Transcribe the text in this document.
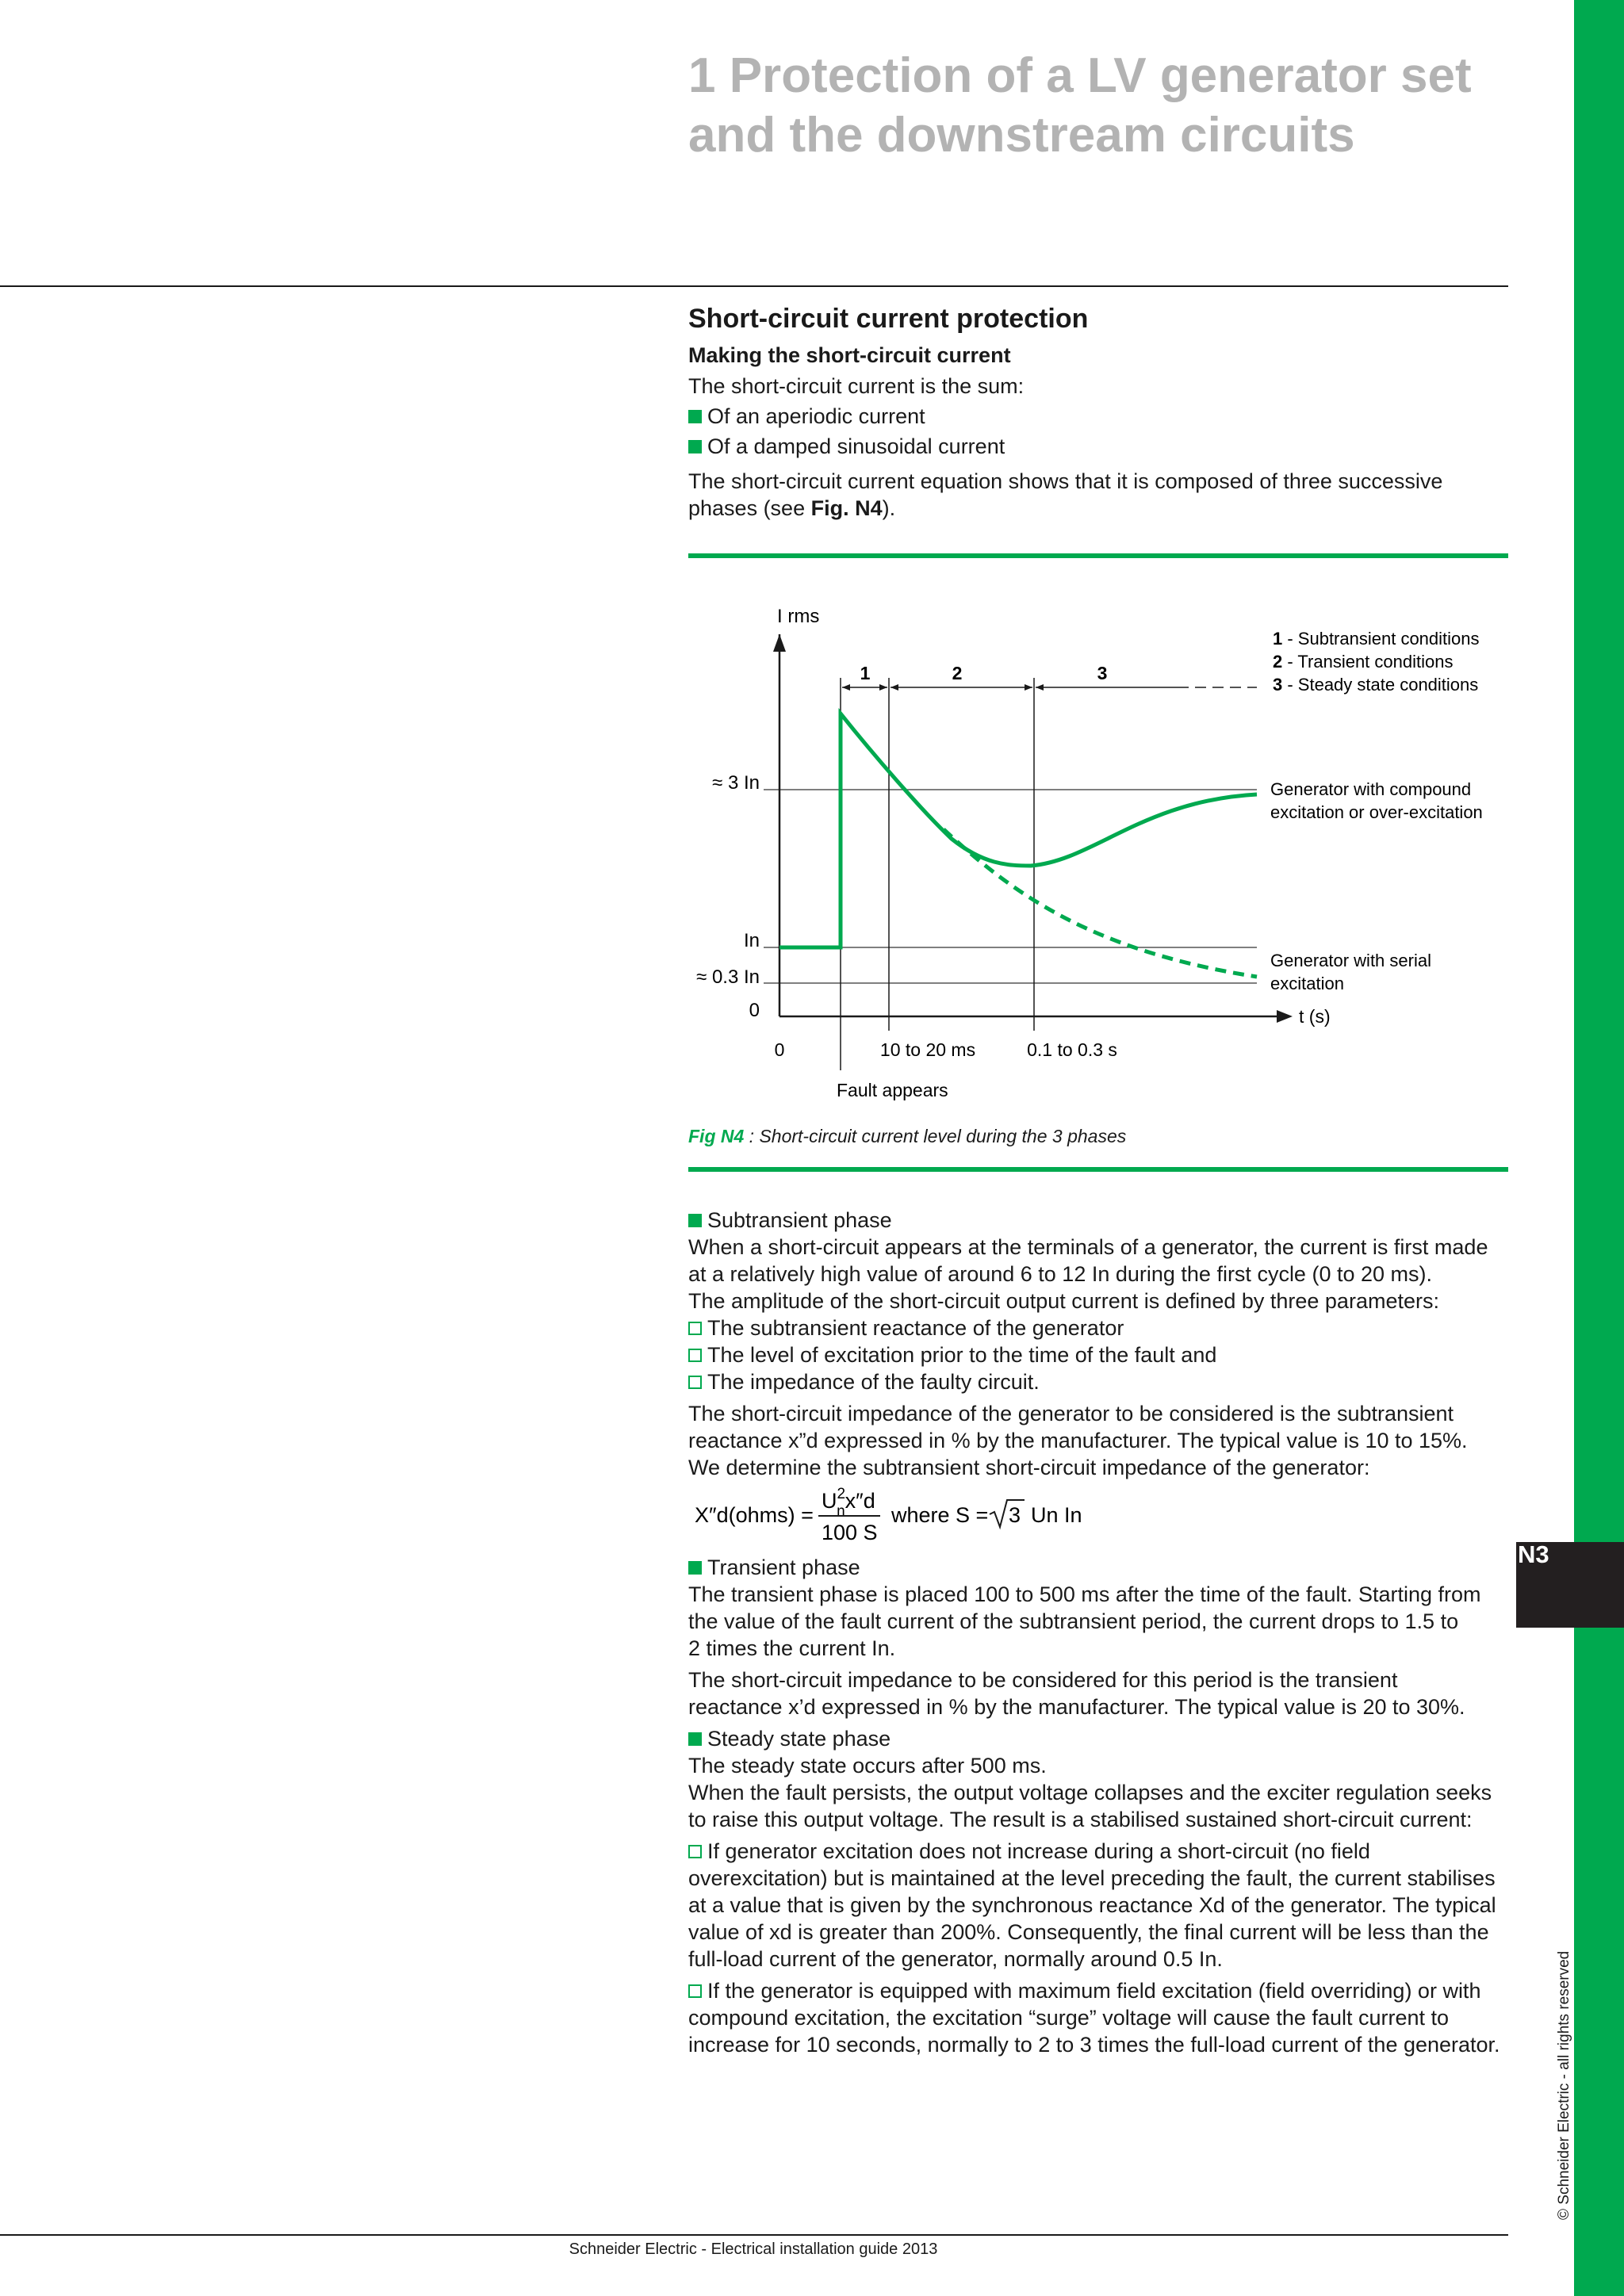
N3
© Schneider Electric - all rights reserved
1 Protection of a LV generator set
and the downstream circuits
Short-circuit current protection
Making the short-circuit current
The short-circuit current is the sum:
Of an aperiodic current
Of a damped sinusoidal current
The short-circuit current equation shows that it is composed of three successive
phases (see Fig. N4).
I rms
≈ 3 In
In
≈ 0.3 In
0
0	10 to 20 ms	0.1 to 0.3 s
t (s)
Fault appears
1	2	3
1 - Subtransient conditions
2 - Transient conditions
3 - Steady state conditions
Generator with compound
excitation or over-excitation
Generator with serial
excitation
Fig N4 : Short-circuit current level during the 3 phases
Subtransient phase
When a short-circuit appears at the terminals of a generator, the current is first made
at a relatively high value of around 6 to 12 In during the first cycle (0 to 20 ms).
The amplitude of the short-circuit output current is defined by three parameters:
The subtransient reactance of the generator
The level of excitation prior to the time of the fault and
The impedance of the faulty circuit.
The short-circuit impedance of the generator to be considered is the subtransient
reactance x”d expressed in % by the manufacturer. The typical value is 10 to 15%.
We determine the subtransient short-circuit impedance of the generator:
X″d(ohms) =
$U^2$ nx″d
100 S
where S = 3 Un In
Transient phase
The transient phase is placed 100 to 500 ms after the time of the fault. Starting from
the value of the fault current of the subtransient period, the current drops to 1.5 to
2 times the current In.
The short-circuit impedance to be considered for this period is the transient
reactance x’d expressed in % by the manufacturer. The typical value is 20 to 30%.
Steady state phase
The steady state occurs after 500 ms.
When the fault persists, the output voltage collapses and the exciter regulation seeks
to raise this output voltage. The result is a stabilised sustained short-circuit current:
If generator excitation does not increase during a short-circuit (no field
overexcitation) but is maintained at the level preceding the fault, the current stabilises
at a value that is given by the synchronous reactance Xd of the generator. The typical
value of xd is greater than 200%. Consequently, the final current will be less than the
full-load current of the generator, normally around 0.5 In.
If the generator is equipped with maximum field excitation (field overriding) or with
compound excitation, the excitation “surge” voltage will cause the fault current to
increase for 10 seconds, normally to 2 to 3 times the full-load current of the generator.
Schneider Electric - Electrical installation guide 2013
